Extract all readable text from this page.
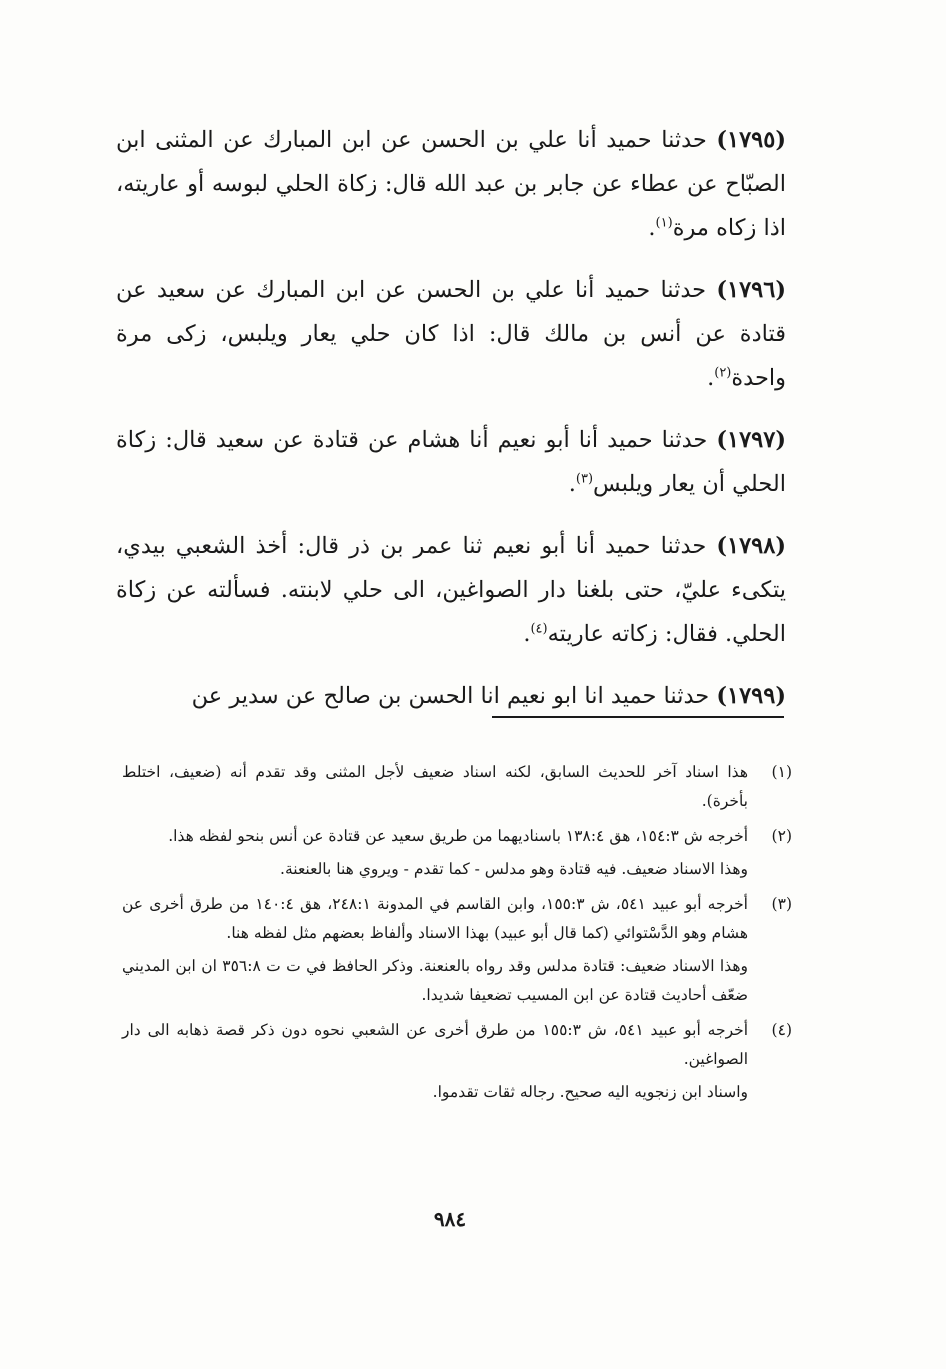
(١٧٩٥) حدثنا حميد أنا علي بن الحسن عن ابن المبارك عن المثنى ابن الصبّاح عن عطاء عن جابر بن عبد الله قال: زكاة الحلي لبوسه أو عاريته، اذا زكاه مرة$^{(١)}$.

(١٧٩٦) حدثنا حميد أنا علي بن الحسن عن ابن المبارك عن سعيد عن قتادة عن أنس بن مالك قال: اذا كان حلي يعار ويلبس، زكى مرة واحدة$^{(٢)}$.

(١٧٩٧) حدثنا حميد أنا أبو نعيم أنا هشام عن قتادة عن سعيد قال: زكاة الحلي أن يعار ويلبس$^{(٣)}$.

(١٧٩٨) حدثنا حميد أنا أبو نعيم ثنا عمر بن ذر قال: أخذ الشعبي بيدي، يتكىء عليّ، حتى بلغنا دار الصواغين، الى حلي لابنته. فسألته عن زكاة الحلي. فقال: زكاته عاريته$^{(٤)}$.

(١٧٩٩) حدثنا حميد انا ابو نعيم انا الحسن بن صالح عن سدير عن

(١)

هذا اسناد آخر للحديث السابق، لكنه اسناد ضعيف لأجل المثنى وقد تقدم أنه (ضعيف، اختلط بأخرة).

(٢)

أخرجه ش ١٥٤:٣، هق ١٣٨:٤ باسناديهما من طريق سعيد عن قتادة عن أنس بنحو لفظه هذا.

وهذا الاسناد ضعيف. فيه قتادة وهو مدلس - كما تقدم - ويروي هنا بالعنعنة.

(٣)

أخرجه أبو عبيد ٥٤١، ش ١٥٥:٣، وابن القاسم في المدونة ٢٤٨:١، هق ١٤٠:٤ من طرق أخرى عن هشام وهو الدَّسْتوائي (كما قال أبو عبيد) بهذا الاسناد وألفاظ بعضهم مثل لفظه هنا.

وهذا الاسناد ضعيف: قتادة مدلس وقد رواه بالعنعنة. وذكر الحافظ في ت ت ٣٥٦:٨ ان ابن المديني ضعّف أحاديث قتادة عن ابن المسيب تضعيفا شديدا.

(٤)

أخرجه أبو عبيد ٥٤١، ش ١٥٥:٣ من طرق أخرى عن الشعبي نحوه دون ذكر قصة ذهابه الى دار الصواغين.

واسناد ابن زنجويه اليه صحيح. رجاله ثقات تقدموا.

٩٨٤
